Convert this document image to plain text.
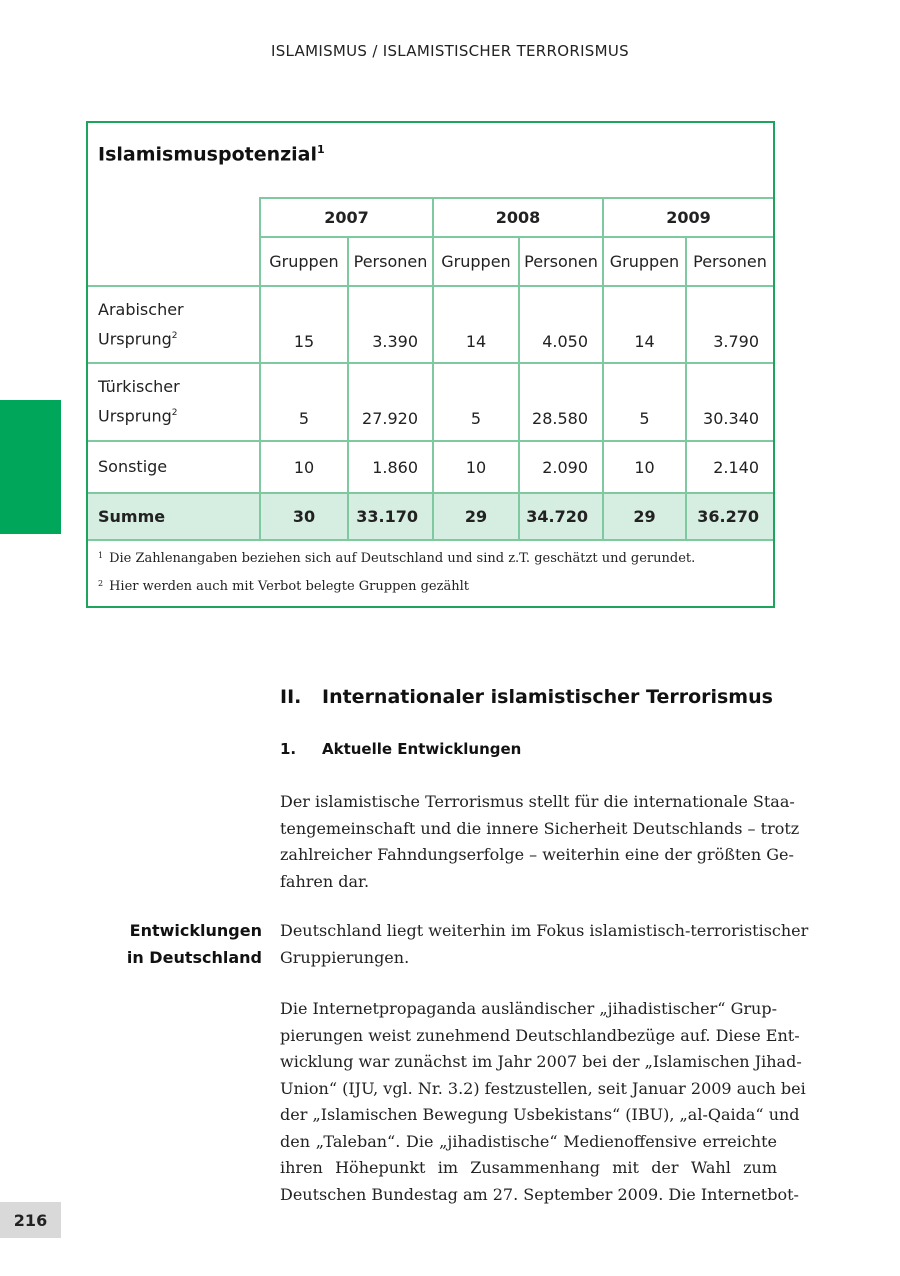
ISLAMISMUS / ISLAMISTISCHER TERRORISMUS
216
Islamismuspotenzial$^1$
2007	2008	2009
Gruppen Personen Gruppen Personen Gruppen Personen
Arabischer
Ursprung$^2$	15	3.390	14	4.050	14	3.790
Türkischer
Ursprung$^2$	5	27.920	5	28.580	5	30.340
Sonstige	10	1.860	10	2.090	10	2.140
Summe	30	33.170	29	34.720	29	36.270
$^1$ Die Zahlenangaben beziehen sich auf Deutschland und sind z.T. geschätzt und gerundet.
$^2$ Hier werden auch mit Verbot belegte Gruppen gezählt
II. Internationaler islamistischer Terrorismus
1. Aktuelle Entwicklungen
Der islamistische Terrorismus stellt für die internationale Staa-
tengemeinschaft und die innere Sicherheit Deutschlands – trotz
zahlreicher Fahndungserfolge – weiterhin eine der größten Ge-
fahren dar.
Entwicklungen
in Deutschland
Deutschland liegt weiterhin im Fokus islamistisch-terroristischer
Gruppierungen.
Die Internetpropaganda ausländischer „jihadistischer“ Grup-
pierungen weist zunehmend Deutschlandbezüge auf. Diese Ent-
wicklung war zunächst im Jahr 2007 bei der „Islamischen Jihad-
Union“ (IJU, vgl. Nr. 3.2) festzustellen, seit Januar 2009 auch bei
der „Islamischen Bewegung Usbekistans“ (IBU), „al-Qaida“ und
den „Taleban“. Die „jihadistische“ Medienoffensive erreichte
ihren Höhepunkt im Zusammenhang mit der Wahl zum
Deutschen Bundestag am 27. September 2009. Die Internetbot-
